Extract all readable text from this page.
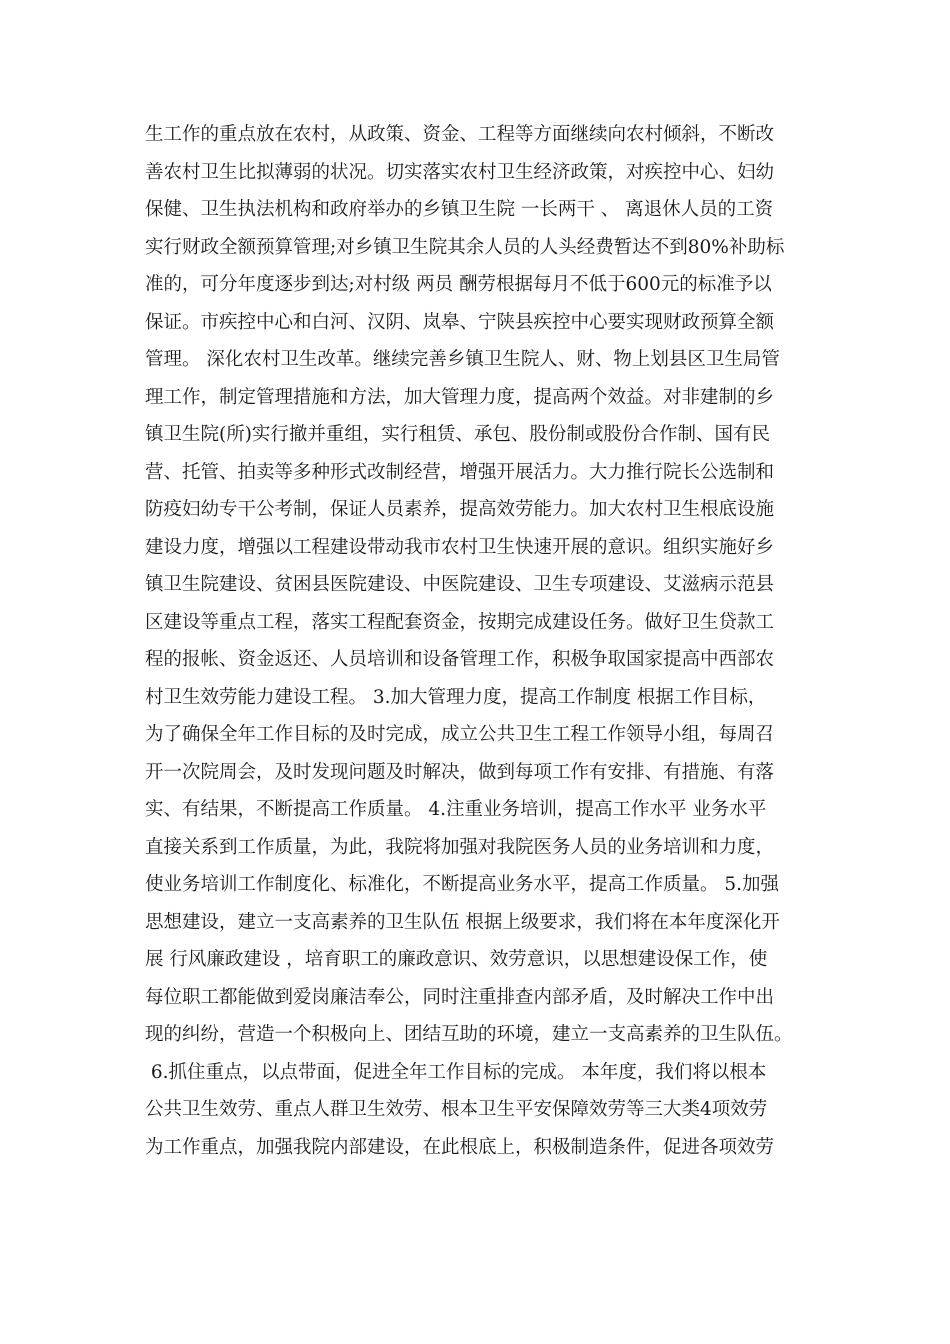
生工作的重点放在农村，从政策、资金、工程等方面继续向农村倾斜，不断改
善农村卫生比拟薄弱的状况。切实落实农村卫生经济政策，对疾控中心、妇幼
保健、卫生执法机构和政府举办的乡镇卫生院 一长两干 、 离退休人员的工资
实行财政全额预算管理;对乡镇卫生院其余人员的人头经费暂达不到80%补助标
准的，可分年度逐步到达;对村级 两员 酬劳根据每月不低于600元的标准予以
保证。市疾控中心和白河、汉阴、岚皋、宁陕县疾控中心要实现财政预算全额
管理。 深化农村卫生改革。继续完善乡镇卫生院人、财、物上划县区卫生局管
理工作，制定管理措施和方法，加大管理力度，提高两个效益。对非建制的乡
镇卫生院(所)实行撤并重组，实行租赁、承包、股份制或股份合作制、国有民
营、托管、拍卖等多种形式改制经营，增强开展活力。大力推行院长公选制和
防疫妇幼专干公考制，保证人员素养，提高效劳能力。加大农村卫生根底设施
建设力度，增强以工程建设带动我市农村卫生快速开展的意识。组织实施好乡
镇卫生院建设、贫困县医院建设、中医院建设、卫生专项建设、艾滋病示范县
区建设等重点工程，落实工程配套资金，按期完成建设任务。做好卫生贷款工
程的报帐、资金返还、人员培训和设备管理工作，积极争取国家提高中西部农
村卫生效劳能力建设工程。 3.加大管理力度，提高工作制度 根据工作目标，
为了确保全年工作目标的及时完成，成立公共卫生工程工作领导小组，每周召
开一次院周会，及时发现问题及时解决，做到每项工作有安排、有措施、有落
实、有结果，不断提高工作质量。 4.注重业务培训，提高工作水平 业务水平
直接关系到工作质量，为此，我院将加强对我院医务人员的业务培训和力度，
使业务培训工作制度化、标准化，不断提高业务水平，提高工作质量。 5.加强
思想建设，建立一支高素养的卫生队伍 根据上级要求，我们将在本年度深化开
展 行风廉政建设 ，培育职工的廉政意识、效劳意识，以思想建设保工作，使
每位职工都能做到爱岗廉洁奉公，同时注重排查内部矛盾，及时解决工作中出
现的纠纷，营造一个积极向上、团结互助的环境，建立一支高素养的卫生队伍。
6.抓住重点，以点带面，促进全年工作目标的完成。 本年度，我们将以根本
公共卫生效劳、重点人群卫生效劳、根本卫生平安保障效劳等三大类4项效劳
为工作重点，加强我院内部建设，在此根底上，积极制造条件，促进各项效劳
